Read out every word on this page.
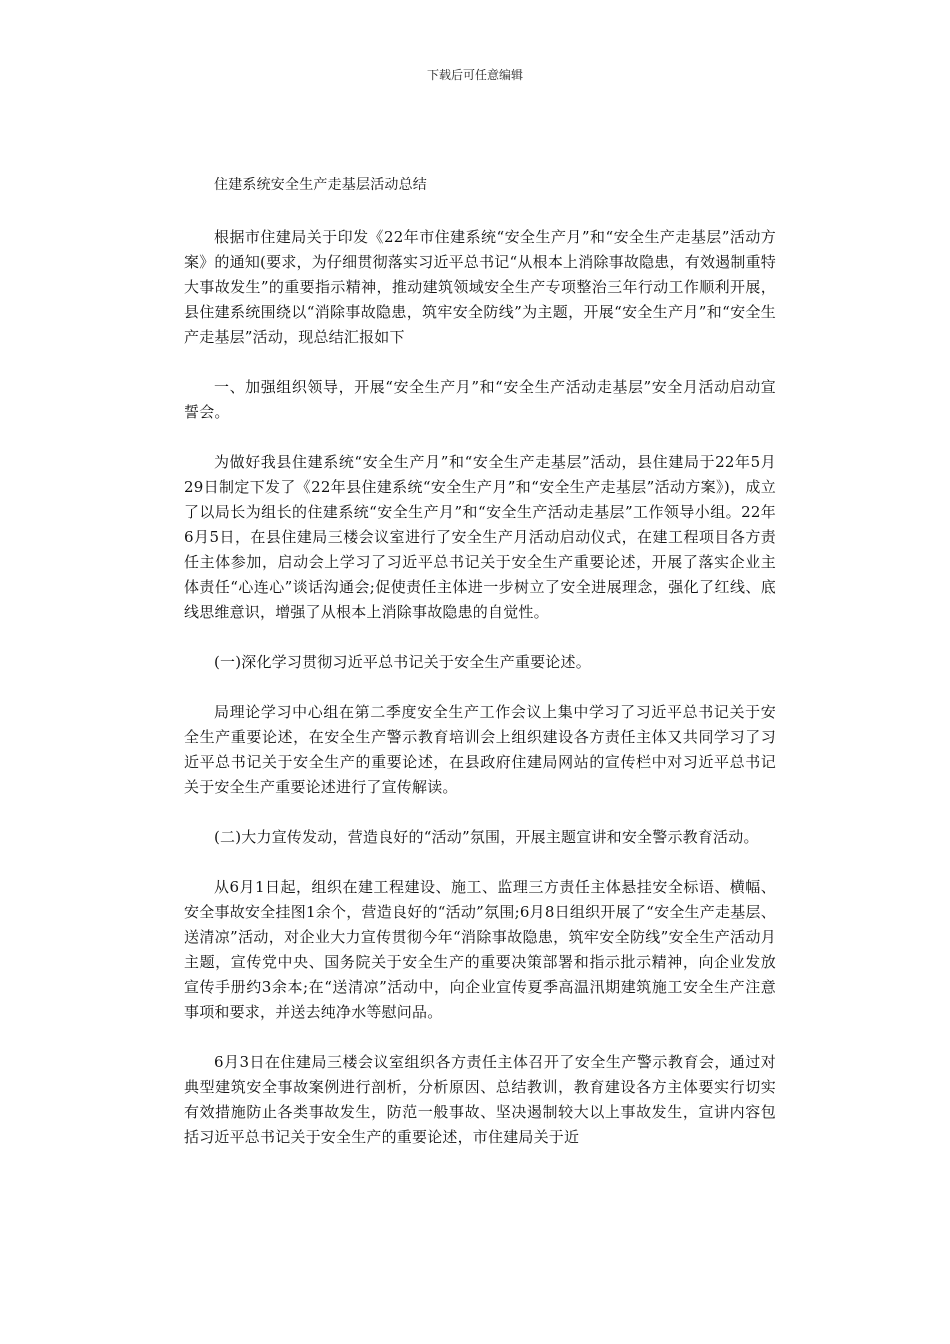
下载后可任意编辑

住建系统安全生产走基层活动总结

根据市住建局关于印发《22年市住建系统“安全生产月”和“安全生产走基层”活动方案》的通知(要求，为仔细贯彻落实习近平总书记“从根本上消除事故隐患，有效遏制重特大事故发生”的重要指示精神，推动建筑领域安全生产专项整治三年行动工作顺利开展，县住建系统围绕以“消除事故隐患，筑牢安全防线”为主题，开展“安全生产月”和“安全生产走基层”活动，现总结汇报如下

一、加强组织领导，开展“安全生产月”和“安全生产活动走基层”安全月活动启动宣誓会。

为做好我县住建系统“安全生产月”和“安全生产走基层”活动，县住建局于22年5月29日制定下发了《22年县住建系统“安全生产月”和“安全生产走基层”活动方案》)，成立了以局长为组长的住建系统“安全生产月”和“安全生产活动走基层”工作领导小组。22年6月5日，在县住建局三楼会议室进行了安全生产月活动启动仪式，在建工程项目各方责任主体参加，启动会上学习了习近平总书记关于安全生产重要论述，开展了落实企业主体责任“心连心”谈话沟通会;促使责任主体进一步树立了安全进展理念，强化了红线、底线思维意识，增强了从根本上消除事故隐患的自觉性。

(一)深化学习贯彻习近平总书记关于安全生产重要论述。

局理论学习中心组在第二季度安全生产工作会议上集中学习了习近平总书记关于安全生产重要论述，在安全生产警示教育培训会上组织建设各方责任主体又共同学习了习近平总书记关于安全生产的重要论述，在县政府住建局网站的宣传栏中对习近平总书记关于安全生产重要论述进行了宣传解读。

(二)大力宣传发动，营造良好的“活动”氛围，开展主题宣讲和安全警示教育活动。

从6月1日起，组织在建工程建设、施工、监理三方责任主体悬挂安全标语、横幅、安全事故安全挂图1余个，营造良好的“活动”氛围;6月8日组织开展了“安全生产走基层、送清凉”活动，对企业大力宣传贯彻今年“消除事故隐患，筑牢安全防线”安全生产活动月主题，宣传党中央、国务院关于安全生产的重要决策部署和指示批示精神，向企业发放宣传手册约3余本;在“送清凉”活动中，向企业宣传夏季高温汛期建筑施工安全生产注意事项和要求，并送去纯净水等慰问品。

6月3日在住建局三楼会议室组织各方责任主体召开了安全生产警示教育会，通过对典型建筑安全事故案例进行剖析，分析原因、总结教训，教育建设各方主体要实行切实有效措施防止各类事故发生，防范一般事故、坚决遏制较大以上事故发生，宣讲内容包括习近平总书记关于安全生产的重要论述，市住建局关于近
